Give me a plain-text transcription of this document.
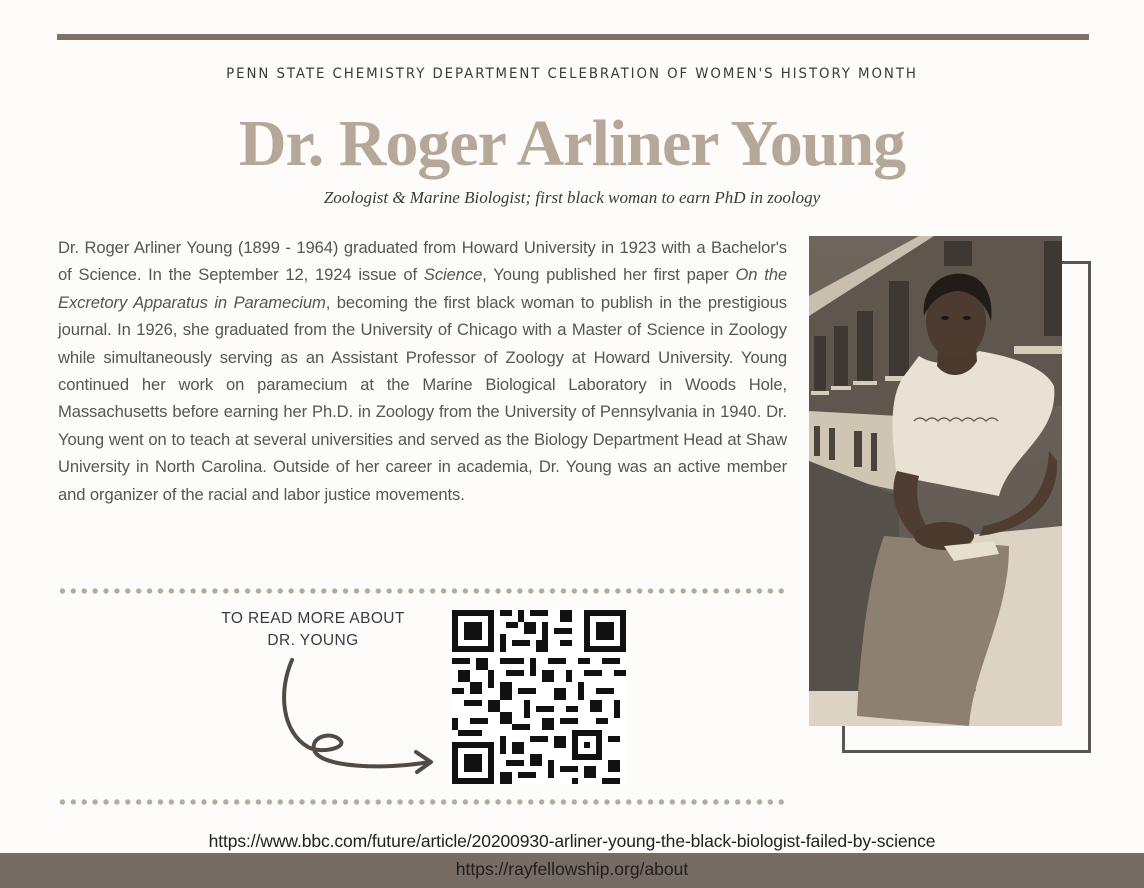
PENN STATE CHEMISTRY DEPARTMENT CELEBRATION OF WOMEN'S HISTORY MONTH
Dr. Roger Arliner Young
Zoologist & Marine Biologist; first black woman to earn PhD in zoology
Dr. Roger Arliner Young (1899 - 1964) graduated from Howard University in 1923 with a Bachelor's of Science. In the September 12, 1924 issue of Science, Young published her first paper On the Excretory Apparatus in Paramecium, becoming the first black woman to publish in the prestigious journal. In 1926, she graduated from the University of Chicago with a Master of Science in Zoology while simultaneously serving as an Assistant Professor of Zoology at Howard University. Young continued her work on paramecium at the Marine Biological Laboratory in Woods Hole, Massachusetts before earning her Ph.D. in Zoology from the University of Pennsylvania in 1940. Dr. Young went on to teach at several universities and served as the Biology Department Head at Shaw University in North Carolina. Outside of her career in academia, Dr. Young was an active member and organizer of the racial and labor justice movements.
TO READ MORE ABOUT
DR. YOUNG
https://www.bbc.com/future/article/20200930-arliner-young-the-black-biologist-failed-by-science
https://rayfellowship.org/about
